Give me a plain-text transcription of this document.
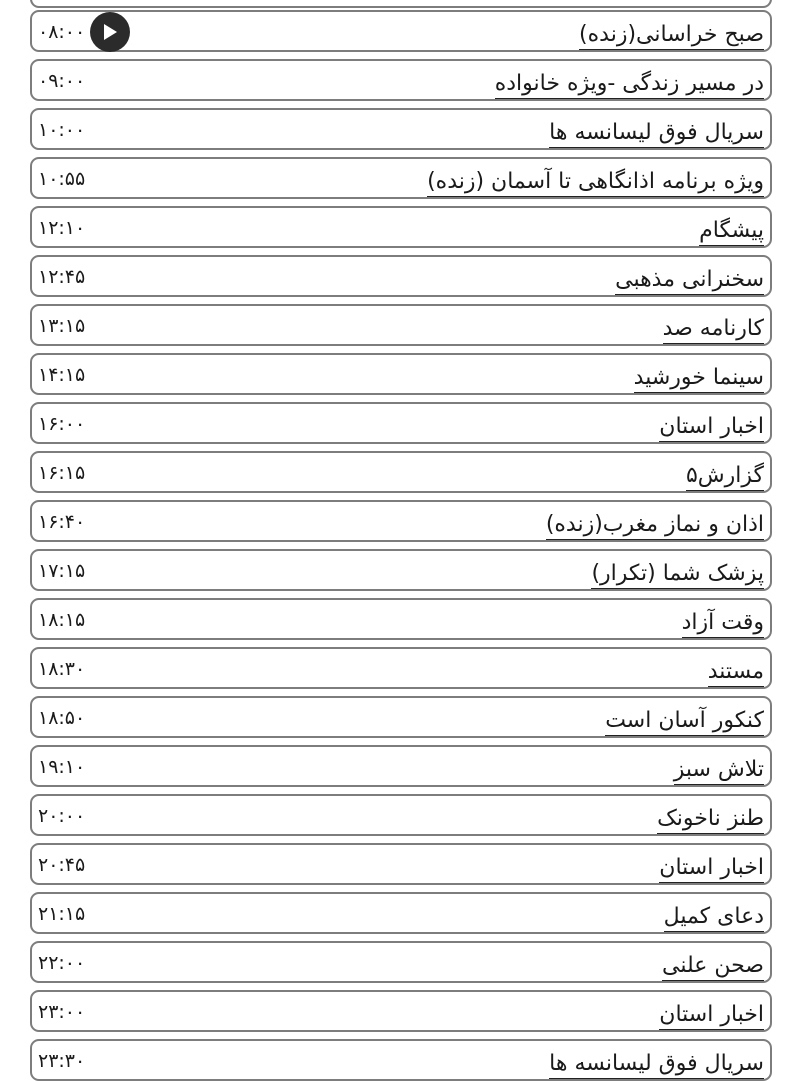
صبح خراسانی(زنده)
۰۸:۰۰
در مسیر زندگی -ویژه خانواده
۰۹:۰۰
سریال فوق لیسانسه ها
۱۰:۰۰
ویژه برنامه اذانگاهی تا آسمان (زنده)
۱۰:۵۵
پیشگام
۱۲:۱۰
سخنرانی مذهبی
۱۲:۴۵
کارنامه صد
۱۳:۱۵
سینما خورشید
۱۴:۱۵
اخبار استان
۱۶:۰۰
گزارش۵
۱۶:۱۵
اذان و نماز مغرب(زنده)
۱۶:۴۰
پزشک شما (تکرار)
۱۷:۱۵
وقت آزاد
۱۸:۱۵
مستند
۱۸:۳۰
کنکور آسان است
۱۸:۵۰
تلاش سبز
۱۹:۱۰
طنز ناخونک
۲۰:۰۰
اخبار استان
۲۰:۴۵
دعای کمیل
۲۱:۱۵
صحن علنی
۲۲:۰۰
اخبار استان
۲۳:۰۰
سریال فوق لیسانسه ها
۲۳:۳۰
